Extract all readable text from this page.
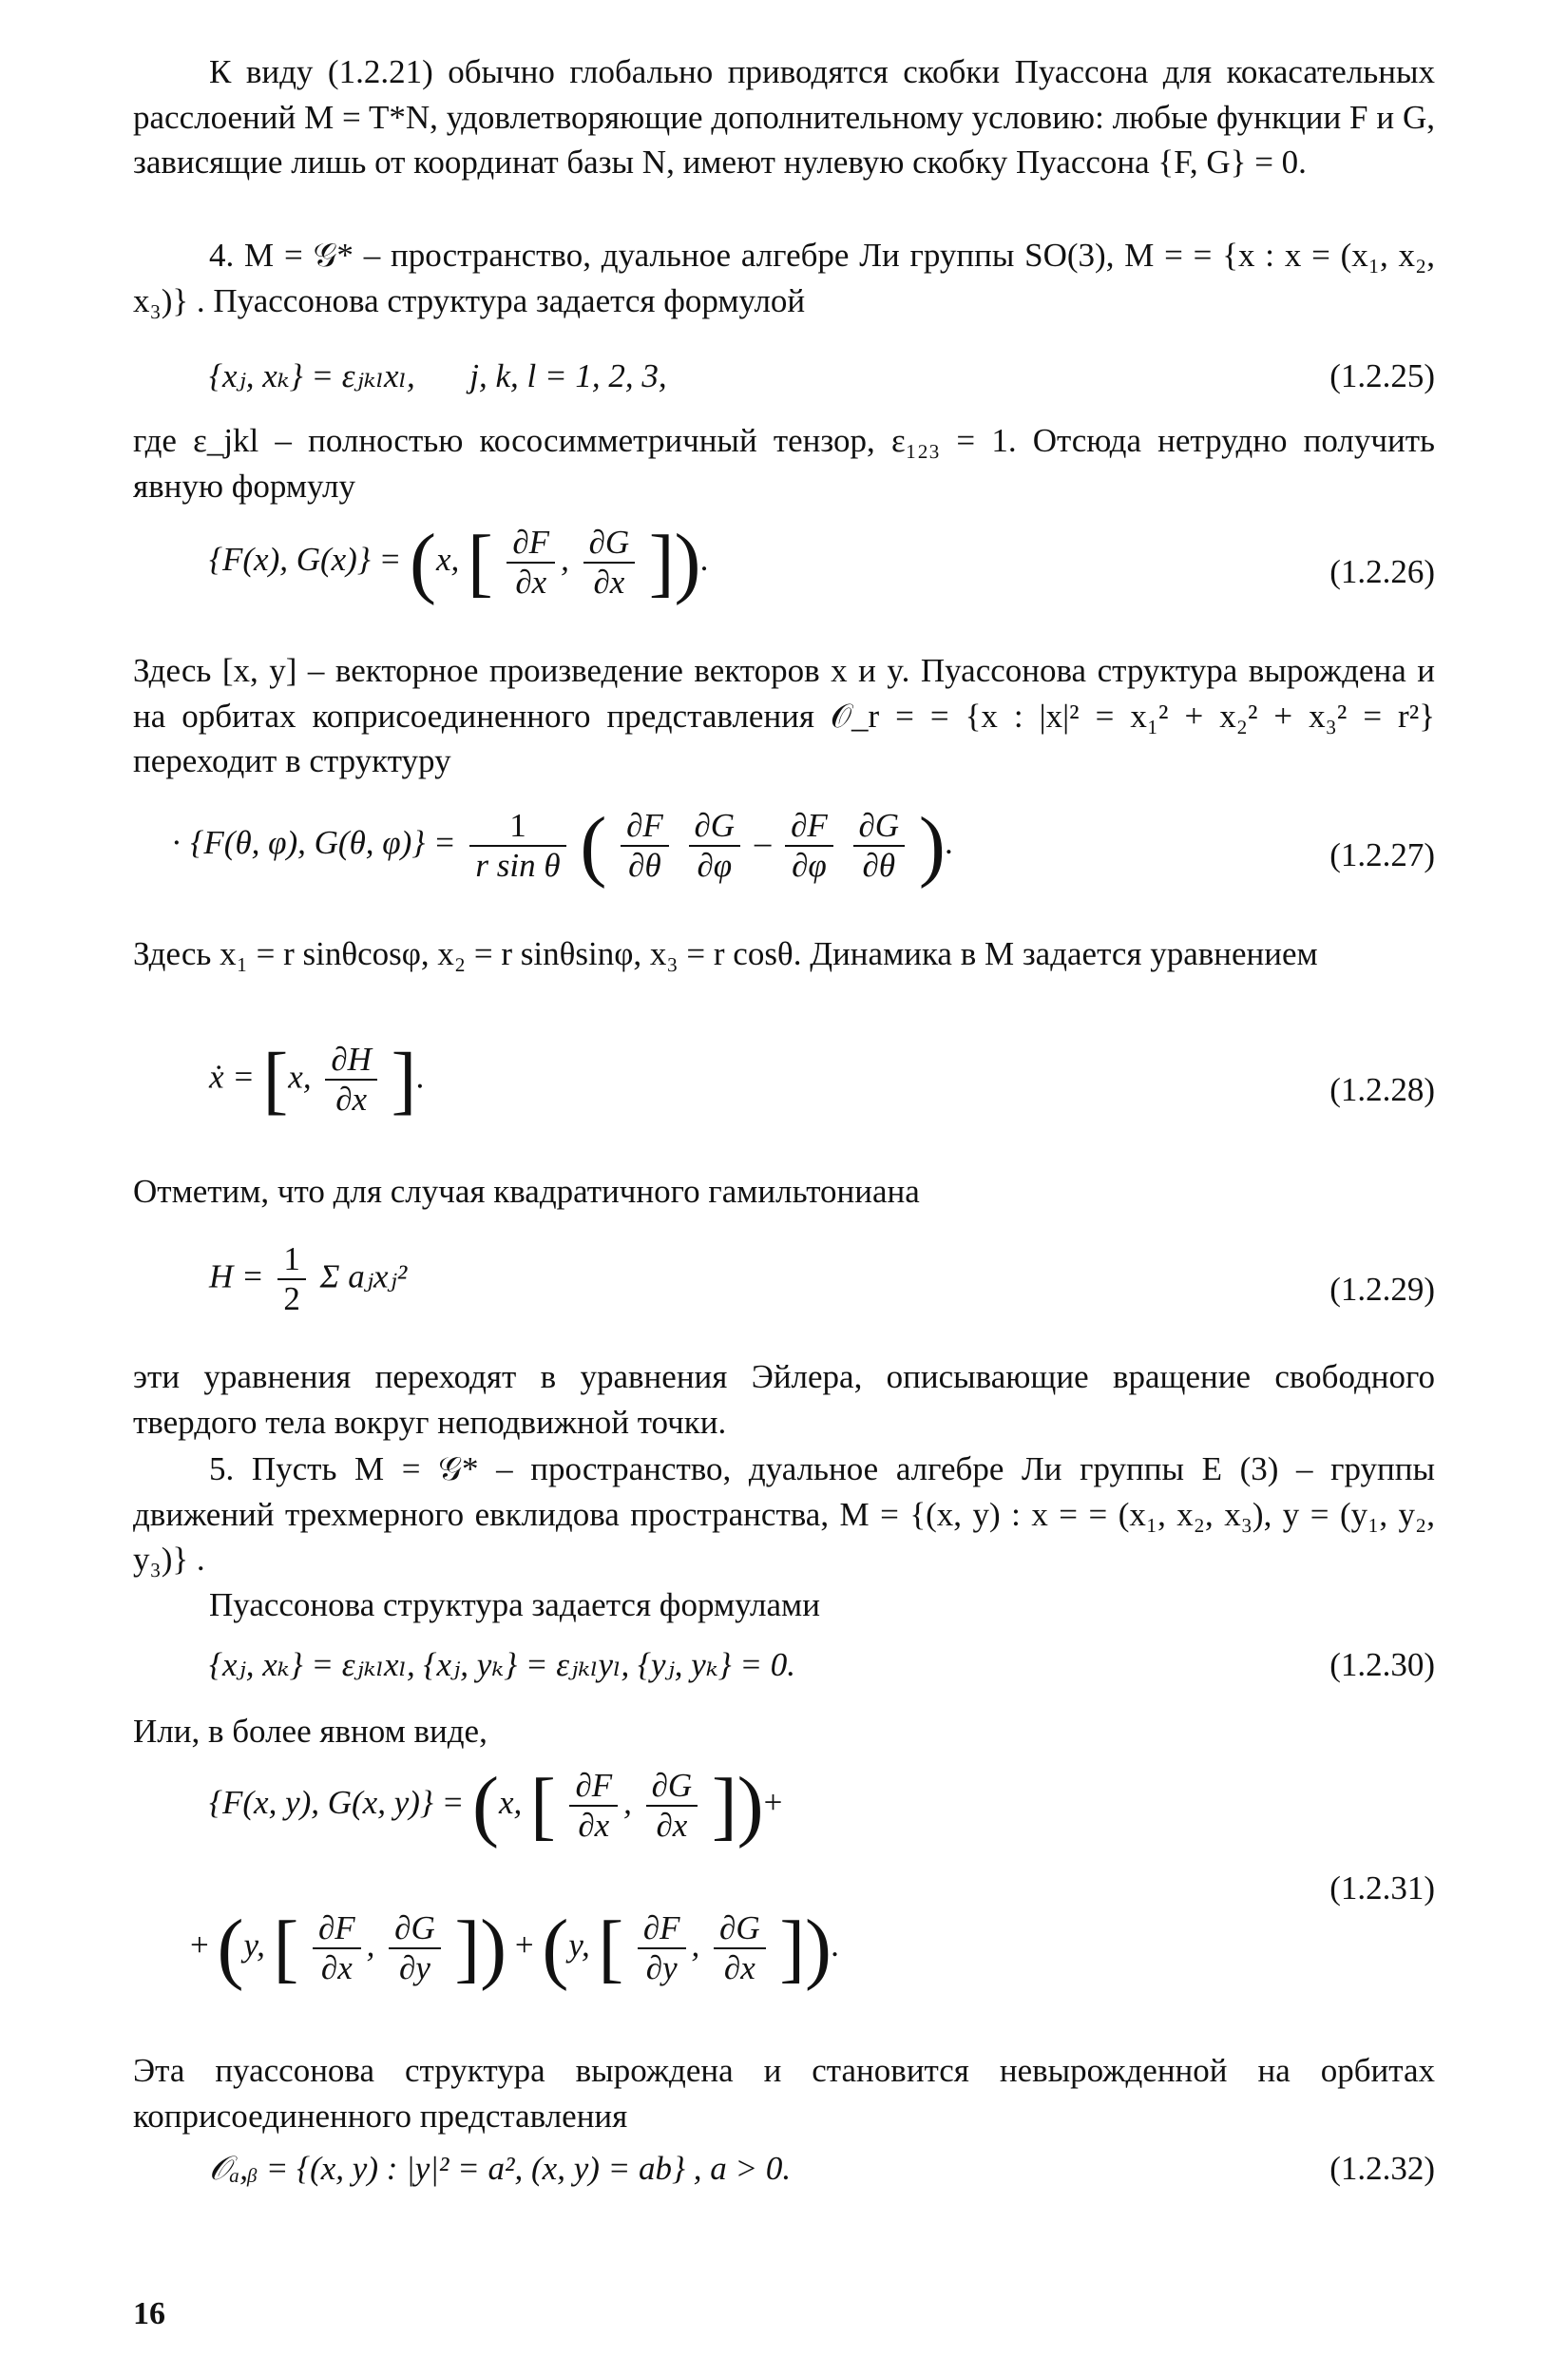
К виду (1.2.21) обычно глобально приводятся скобки Пуассона для кокасательных расслоений M = T*N, удовлетворяющие дополнительному условию: любые функции F и G, зависящие лишь от координат базы N, имеют нулевую скобку Пуассона {F, G} = 0.

4. M = 𝒢* – пространство, дуальное алгебре Ли группы SO(3), M = = {x : x = (x₁, x₂, x₃)} . Пуассонова структура задается формулой

{xⱼ, xₖ} = εⱼₖₗxₗ, j, k, l = 1, 2, 3,	(1.2.25)

где ε_jkl – полностью кососимметричный тензор, ε₁₂₃ = 1. Отсюда нетрудно получить явную формулу

{F(x), G(x)} = (x, [ $\frac{\partial F}{\partial x}$ , $\frac{\partial G}{\partial x}$ ]).	(1.2.26)

Здесь [x, y] – векторное произведение векторов x и y. Пуассонова структура вырождена и на орбитах коприсоединенного представления 𝒪_r = = {x : |x|² = x₁² + x₂² + x₃² = r²} переходит в структуру

· {F(θ, φ), G(θ, $\varphi)\} = \frac{1}{\text{r sin θ}}$ ( $\frac{\partial F}{\partial\theta}$
$\frac{\partial G}{\partial\varphi} - \frac{\partial F}{\partial\varphi}$
$\frac{\partial G}{\partial\theta}$ ).	(1.2.27)

Здесь x₁ = r sinθcosφ, x₂ = r sinθsinφ, x₃ = r cosθ. Динамика в M задается уравнением

ẋ = [x, $\frac{\partial H}{\partial x}$ ].	(1.2.28)

Отметим, что для случая квадратичного гамильтониана

$H = \frac{1}{2}$ Σ aⱼxⱼ²	(1.2.29)

эти уравнения переходят в уравнения Эйлера, описывающие вращение свободного твердого тела вокруг неподвижной точки.

5. Пусть M = 𝒢* – пространство, дуальное алгебре Ли группы E (3) – группы движений трехмерного евклидова пространства, M = {(x, y) : x = = (x₁, x₂, x₃), y = (y₁, y₂, y₃)} .

Пуассонова структура задается формулами

{xⱼ, xₖ} = εⱼₖₗxₗ, {xⱼ, yₖ} = εⱼₖₗyₗ, {yⱼ, yₖ} = 0.	(1.2.30)

Или, в более явном виде,

{F(x, y), G(x, y)} = (x, [ $\frac{\partial F}{\partial x}$ , $\frac{\partial G}{\partial x}$ ])+
+ (y, [ $\frac{\partial F}{\partial x}$ , $\frac{\partial G}{\partial y}$ ]) + (y, [ $\frac{\partial F}{\partial y}$ , $\frac{\partial G}{\partial x}$ ]).
(1.2.31)

Эта пуассонова структура вырождена и становится невырожденной на орбитах коприсоединенного представления

𝒪ₐ,ᵦ = {(x, y) : |y|² = a², (x, y) = ab} , a > 0.	(1.2.32)
16
